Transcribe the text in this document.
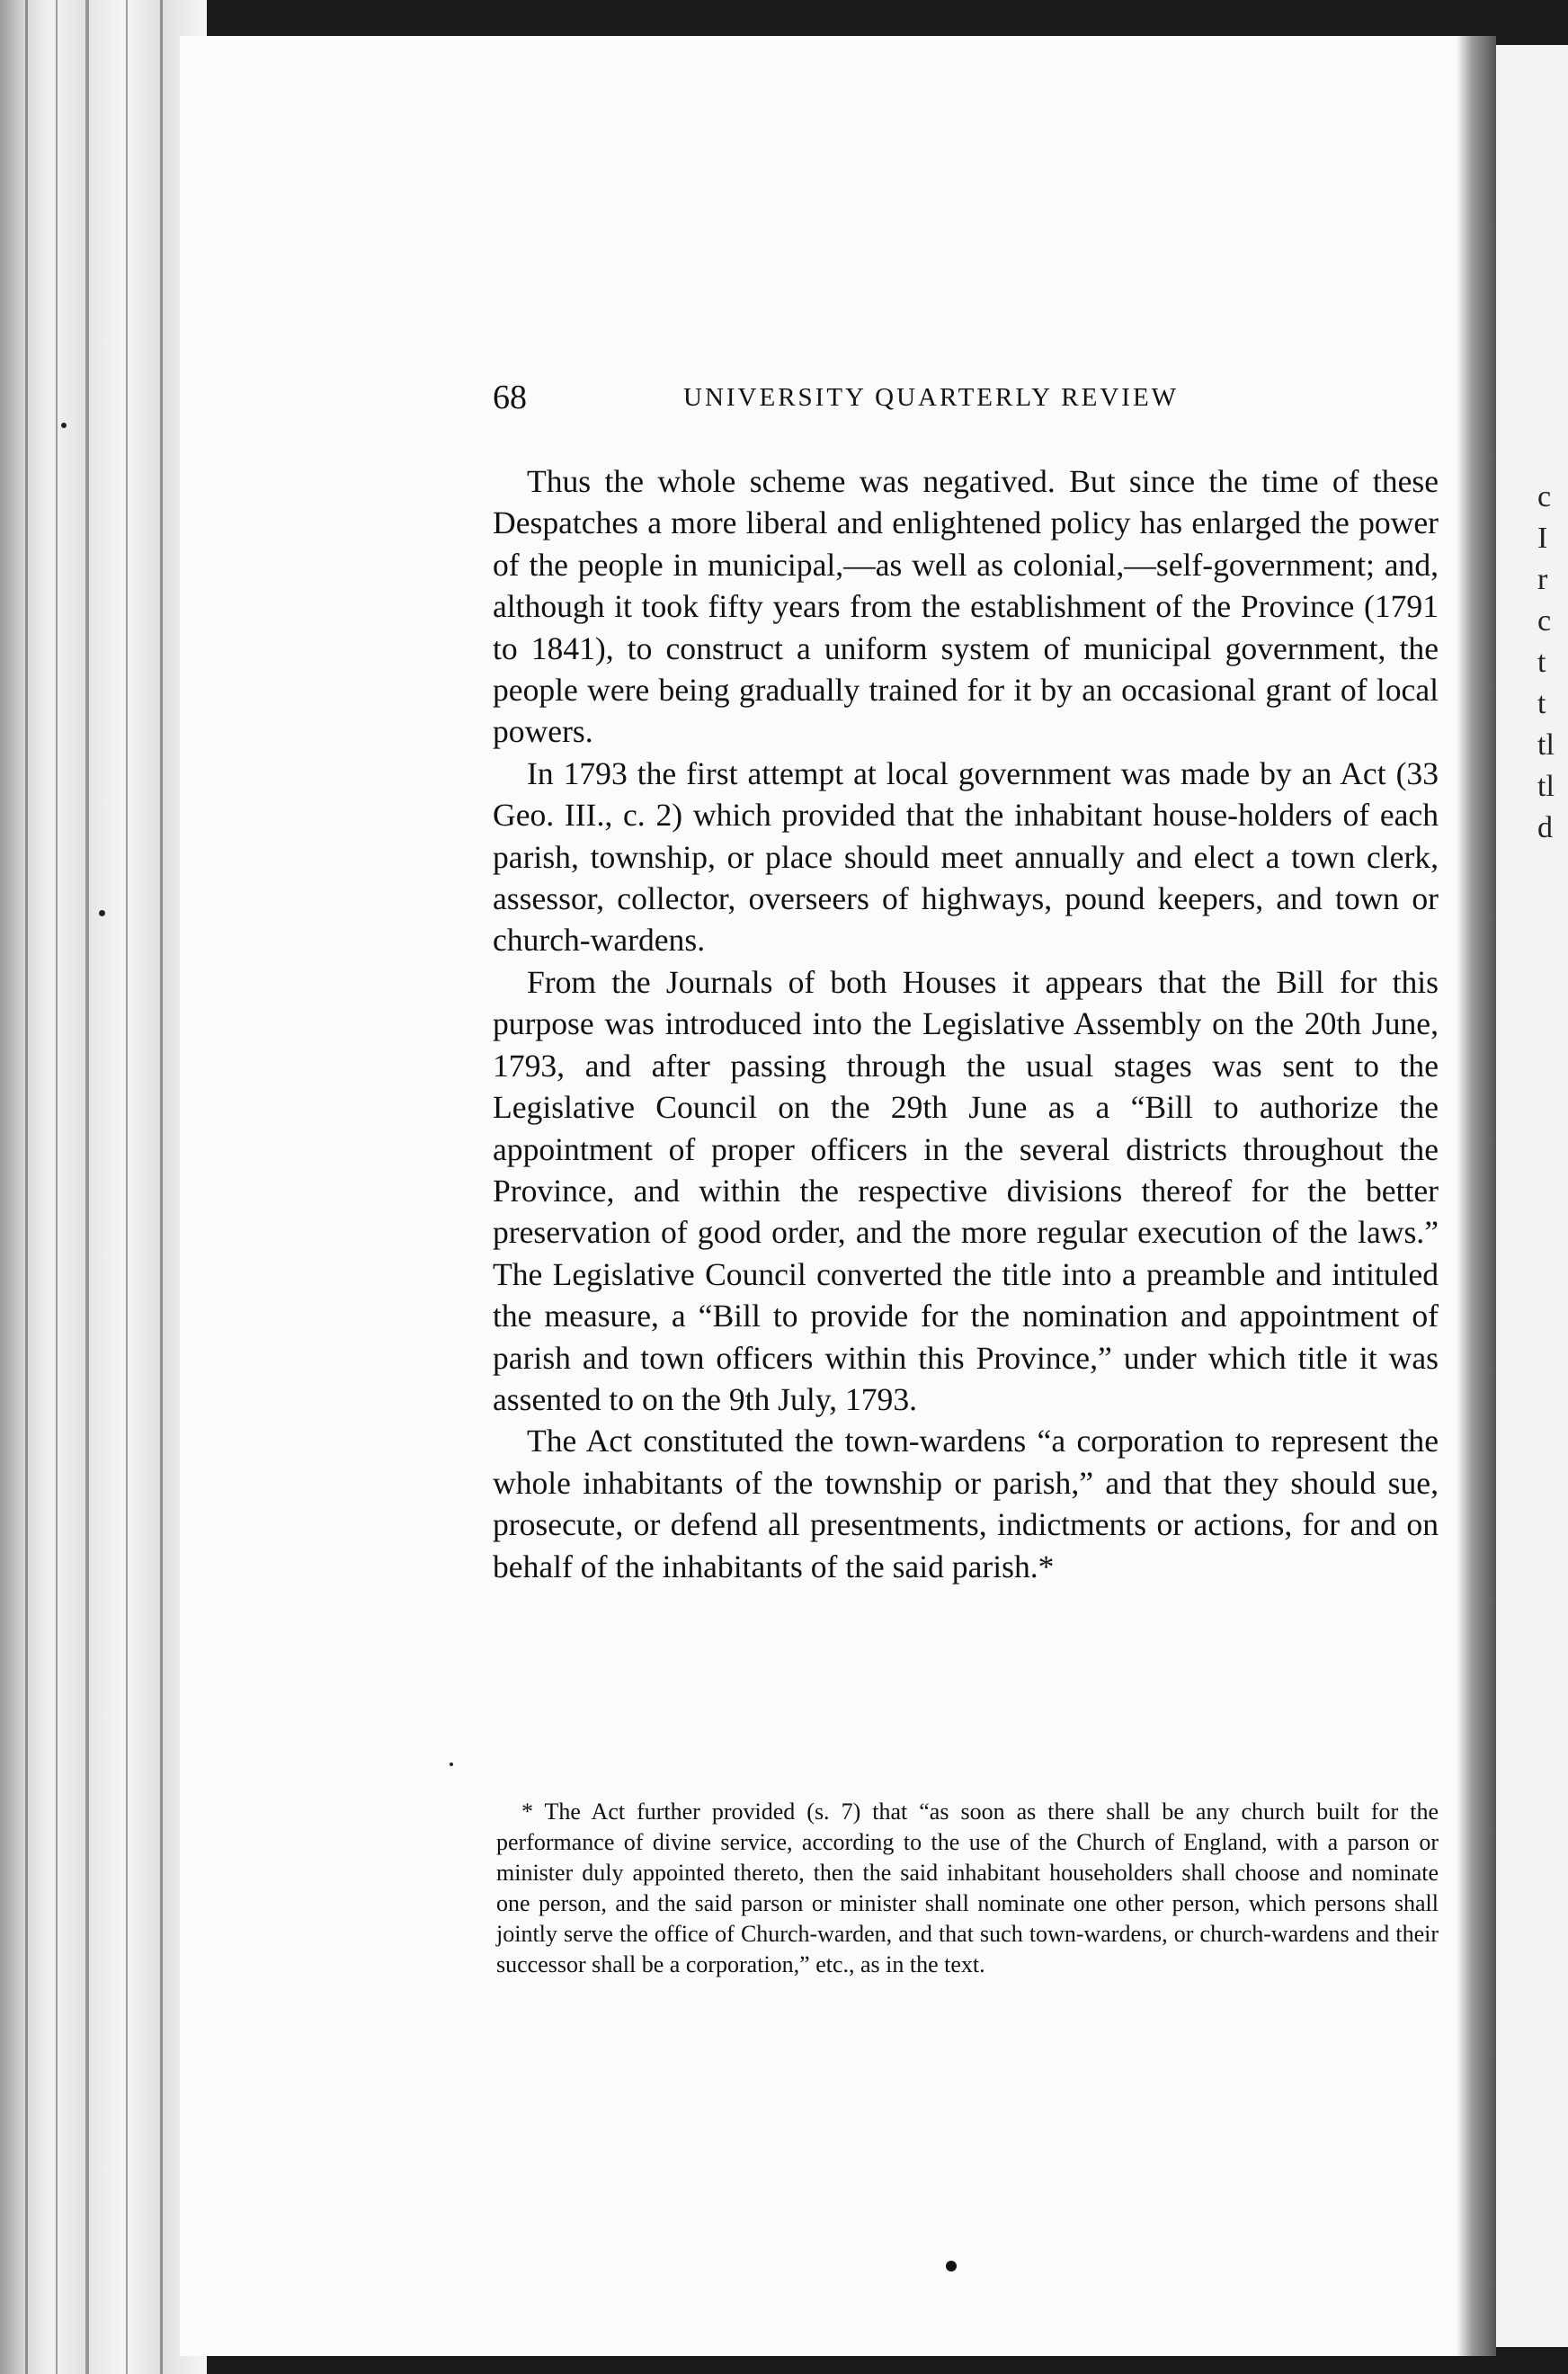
c
I
r
c
t
t
tl
tl
d
68	UNIVERSITY QUARTERLY REVIEW

Thus the whole scheme was negatived. But since the time of these Despatches a more liberal and enlightened policy has enlarged the power of the people in municipal,—as well as colonial,—self-government; and, although it took fifty years from the establishment of the Province (1791 to 1841), to construct a uniform system of municipal government, the people were being gradually trained for it by an occasional grant of local powers.

In 1793 the first attempt at local government was made by an Act (33 Geo. III., c. 2) which provided that the inhabitant house-holders of each parish, township, or place should meet annually and elect a town clerk, assessor, collector, overseers of highways, pound keepers, and town or church-wardens.

From the Journals of both Houses it appears that the Bill for this purpose was introduced into the Legislative Assembly on the 20th June, 1793, and after passing through the usual stages was sent to the Legislative Council on the 29th June as a “Bill to authorize the appointment of proper officers in the several districts throughout the Province, and within the respective divisions thereof for the better preservation of good order, and the more regular execution of the laws.” The Legislative Council converted the title into a preamble and intituled the measure, a “Bill to provide for the nomination and appointment of parish and town officers within this Province,” under which title it was assented to on the 9th July, 1793.

The Act constituted the town-wardens “a corporation to represent the whole inhabitants of the township or parish,” and that they should sue, prosecute, or defend all presentments, indictments or actions, for and on behalf of the inhabitants of the said parish.*

* The Act further provided (s. 7) that “as soon as there shall be any church built for the performance of divine service, according to the use of the Church of England, with a parson or minister duly appointed thereto, then the said inhabitant householders shall choose and nominate one person, and the said parson or minister shall nominate one other person, which persons shall jointly serve the office of Church-warden, and that such town-wardens, or church-wardens and their successor shall be a corporation,” etc., as in the text.
